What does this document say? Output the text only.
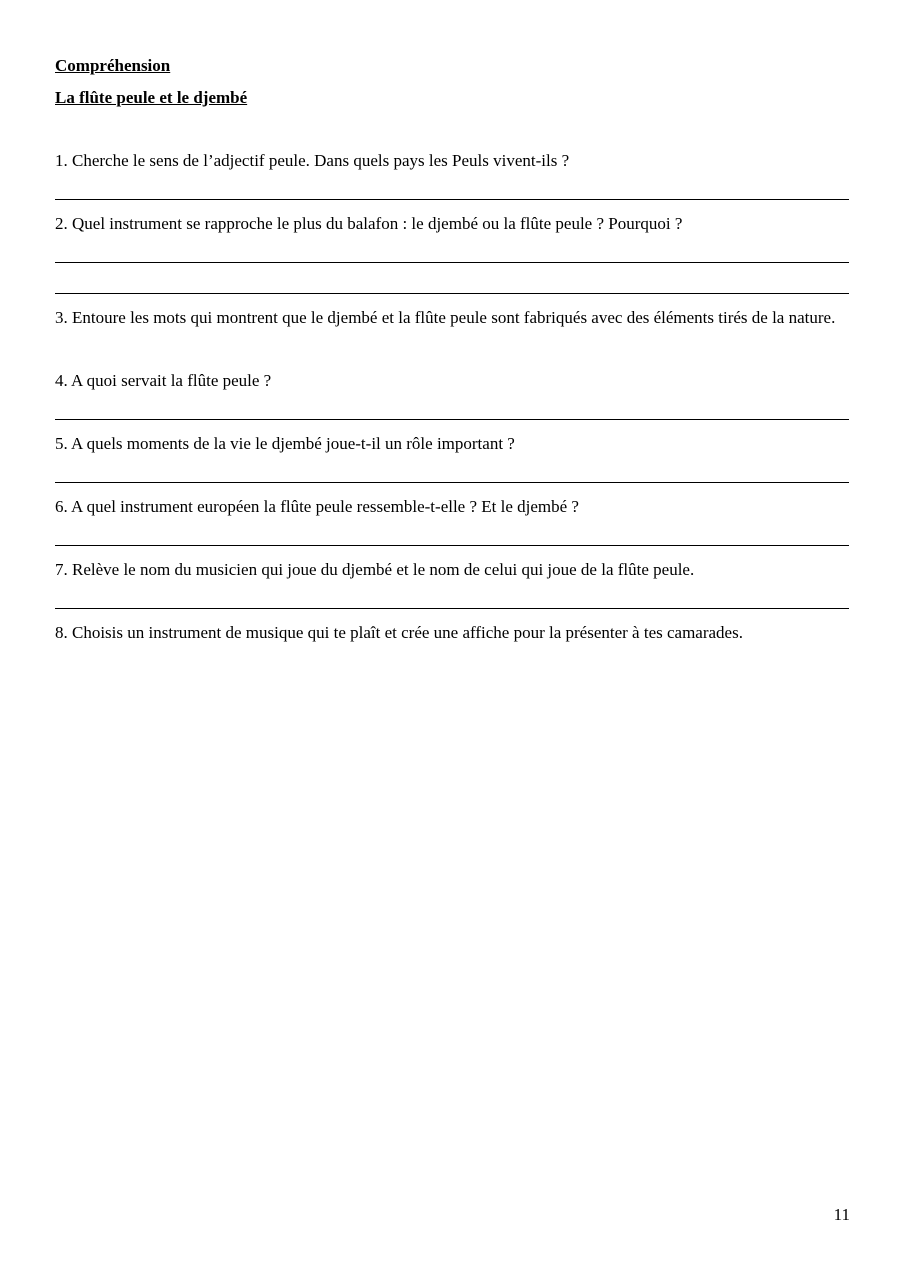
Compréhension
La flûte peule et le djembé
1. Cherche le sens de l’adjectif peule. Dans quels pays les Peuls vivent-ils ?
2. Quel instrument se rapproche le plus du balafon : le djembé ou la flûte peule ? Pourquoi ?
3. Entoure les mots qui montrent que le djembé et la flûte peule sont fabriqués avec des éléments tirés de la nature.
4. A quoi servait la flûte peule ?
5. A quels moments de la vie le djembé joue-t-il un rôle important ?
6. A quel instrument européen la flûte peule ressemble-t-elle ? Et le djembé ?
7. Relève le nom du musicien qui joue du djembé et le nom de celui qui joue de la flûte peule.
8. Choisis un instrument de musique qui te plaît et crée une affiche pour la présenter à tes camarades.
11
